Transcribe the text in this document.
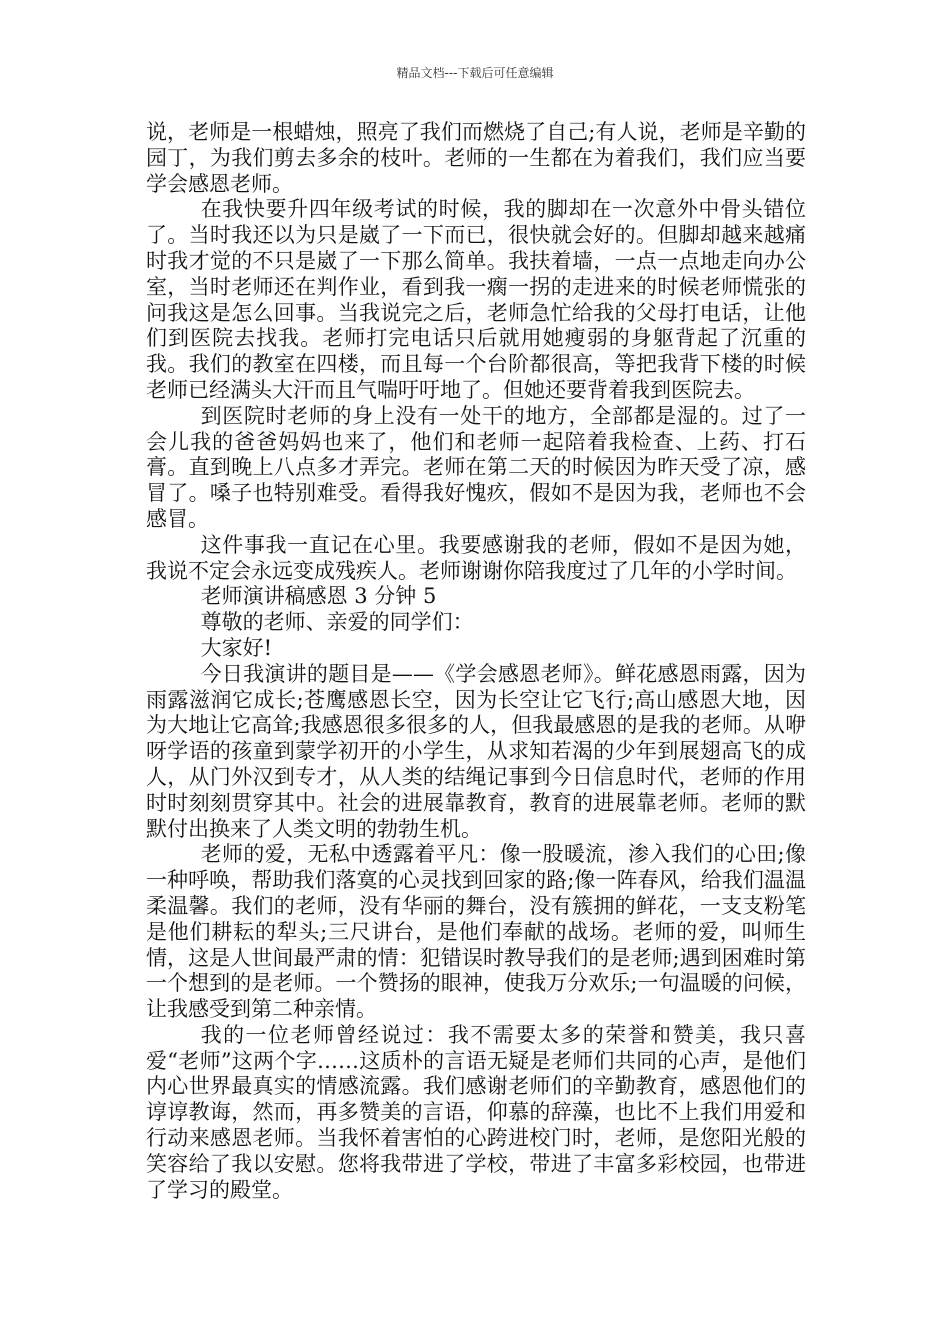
精品文档---下载后可任意编辑

说，老师是一根蜡烛，照亮了我们而燃烧了自己;有人说，老师是辛勤的园丁，为我们剪去多余的枝叶。老师的一生都在为着我们，我们应当要学会感恩老师。

在我快要升四年级考试的时候，我的脚却在一次意外中骨头错位了。当时我还以为只是崴了一下而已，很快就会好的。但脚却越来越痛时我才觉的不只是崴了一下那么简单。我扶着墙，一点一点地走向办公室，当时老师还在判作业，看到我一瘸一拐的走进来的时候老师慌张的问我这是怎么回事。当我说完之后，老师急忙给我的父母打电话，让他们到医院去找我。老师打完电话只后就用她瘦弱的身躯背起了沉重的我。我们的教室在四楼，而且每一个台阶都很高，等把我背下楼的时候老师已经满头大汗而且气喘吁吁地了。但她还要背着我到医院去。

到医院时老师的身上没有一处干的地方，全部都是湿的。过了一会儿我的爸爸妈妈也来了，他们和老师一起陪着我检查、上药、打石膏。直到晚上八点多才弄完。老师在第二天的时候因为昨天受了凉，感冒了。嗓子也特别难受。看得我好愧疚，假如不是因为我，老师也不会感冒。

这件事我一直记在心里。我要感谢我的老师，假如不是因为她，我说不定会永远变成残疾人。老师谢谢你陪我度过了几年的小学时间。

老师演讲稿感恩 3 分钟 5

尊敬的老师、亲爱的同学们：

大家好!

今日我演讲的题目是——《学会感恩老师》。鲜花感恩雨露，因为雨露滋润它成长;苍鹰感恩长空，因为长空让它飞行;高山感恩大地，因为大地让它高耸;我感恩很多很多的人，但我最感恩的是我的老师。从咿呀学语的孩童到蒙学初开的小学生，从求知若渴的少年到展翅高飞的成人，从门外汉到专才，从人类的结绳记事到今日信息时代，老师的作用时时刻刻贯穿其中。社会的进展靠教育，教育的进展靠老师。老师的默默付出换来了人类文明的勃勃生机。

老师的爱，无私中透露着平凡：像一股暖流，渗入我们的心田;像一种呼唤，帮助我们落寞的心灵找到回家的路;像一阵春风，给我们温温柔温馨。我们的老师，没有华丽的舞台，没有簇拥的鲜花，一支支粉笔是他们耕耘的犁头;三尺讲台，是他们奉献的战场。老师的爱，叫师生情，这是人世间最严肃的情：犯错误时教导我们的是老师;遇到困难时第一个想到的是老师。一个赞扬的眼神，使我万分欢乐;一句温暖的问候，让我感受到第二种亲情。

我的一位老师曾经说过：我不需要太多的荣誉和赞美，我只喜爱“老师”这两个字……这质朴的言语无疑是老师们共同的心声，是他们内心世界最真实的情感流露。我们感谢老师们的辛勤教育，感恩他们的谆谆教诲，然而，再多赞美的言语，仰慕的辞藻，也比不上我们用爱和行动来感恩老师。当我怀着害怕的心跨进校门时，老师，是您阳光般的笑容给了我以安慰。您将我带进了学校，带进了丰富多彩校园，也带进了学习的殿堂。
